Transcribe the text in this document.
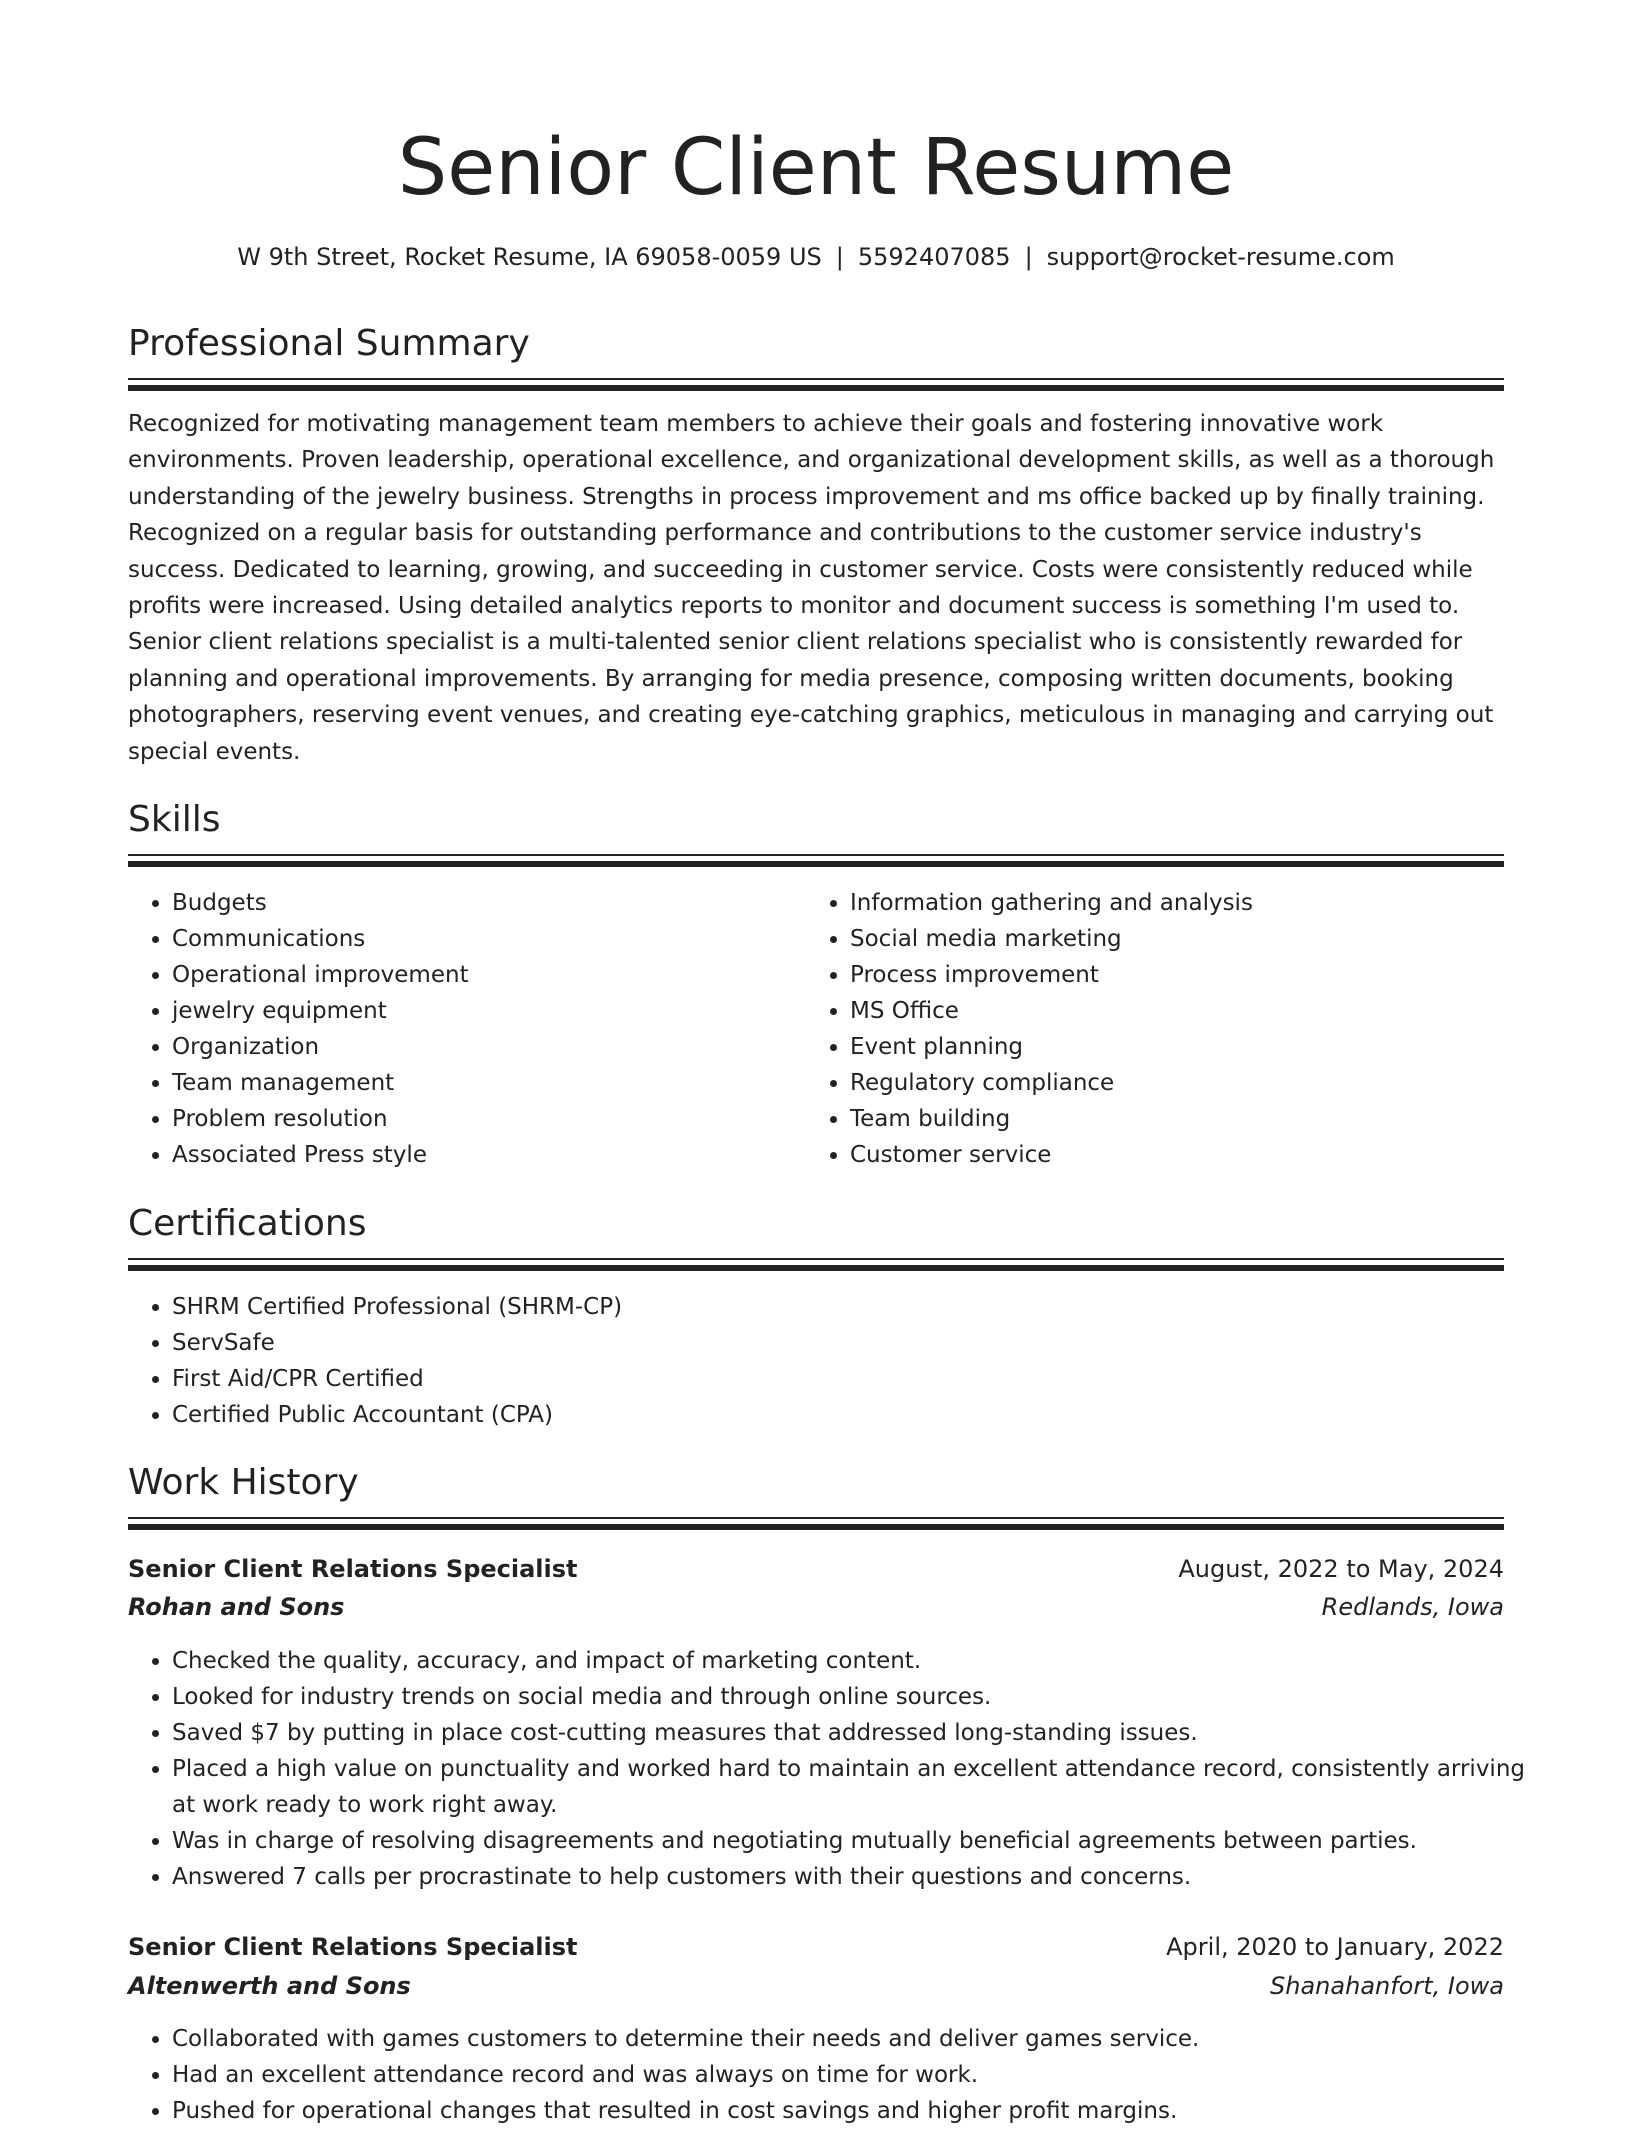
Senior Client Resume
W 9th Street, Rocket Resume, IA 69058-0059 US | 5592407085 | support@rocket-resume.com
Professional Summary

Recognized for motivating management team members to achieve their goals and fostering innovative work environments. Proven leadership, operational excellence, and organizational development skills, as well as a thorough understanding of the jewelry business. Strengths in process improvement and ms office backed up by finally training. Recognized on a regular basis for outstanding performance and contributions to the customer service industry's success. Dedicated to learning, growing, and succeeding in customer service. Costs were consistently reduced while profits were increased. Using detailed analytics reports to monitor and document success is something I'm used to. Senior client relations specialist is a multi-talented senior client relations specialist who is consistently rewarded for planning and operational improvements. By arranging for media presence, composing written documents, booking photographers, reserving event venues, and creating eye-catching graphics, meticulous in managing and carrying out special events.

Skills
• Budgets
• Communications
• Operational improvement
• jewelry equipment
• Organization
• Team management
• Problem resolution
• Associated Press style
• Information gathering and analysis
• Social media marketing
• Process improvement
• MS Office
• Event planning
• Regulatory compliance
• Team building
• Customer service
Certifications
• SHRM Certified Professional (SHRM-CP)
• ServSafe
• First Aid/CPR Certified
• Certified Public Accountant (CPA)
Work History
Senior Client Relations Specialist	August, 2022 to May, 2024
Rohan and Sons	Redlands, Iowa
• Checked the quality, accuracy, and impact of marketing content.
• Looked for industry trends on social media and through online sources.
• Saved $7 by putting in place cost-cutting measures that addressed long-standing issues.
• Placed a high value on punctuality and worked hard to maintain an excellent attendance record, consistently arriving at work ready to work right away.
• Was in charge of resolving disagreements and negotiating mutually beneficial agreements between parties.
• Answered 7 calls per procrastinate to help customers with their questions and concerns.
Senior Client Relations Specialist	April, 2020 to January, 2022
Altenwerth and Sons	Shanahanfort, Iowa
• Collaborated with games customers to determine their needs and deliver games service.
• Had an excellent attendance record and was always on time for work.
• Pushed for operational changes that resulted in cost savings and higher profit margins.
